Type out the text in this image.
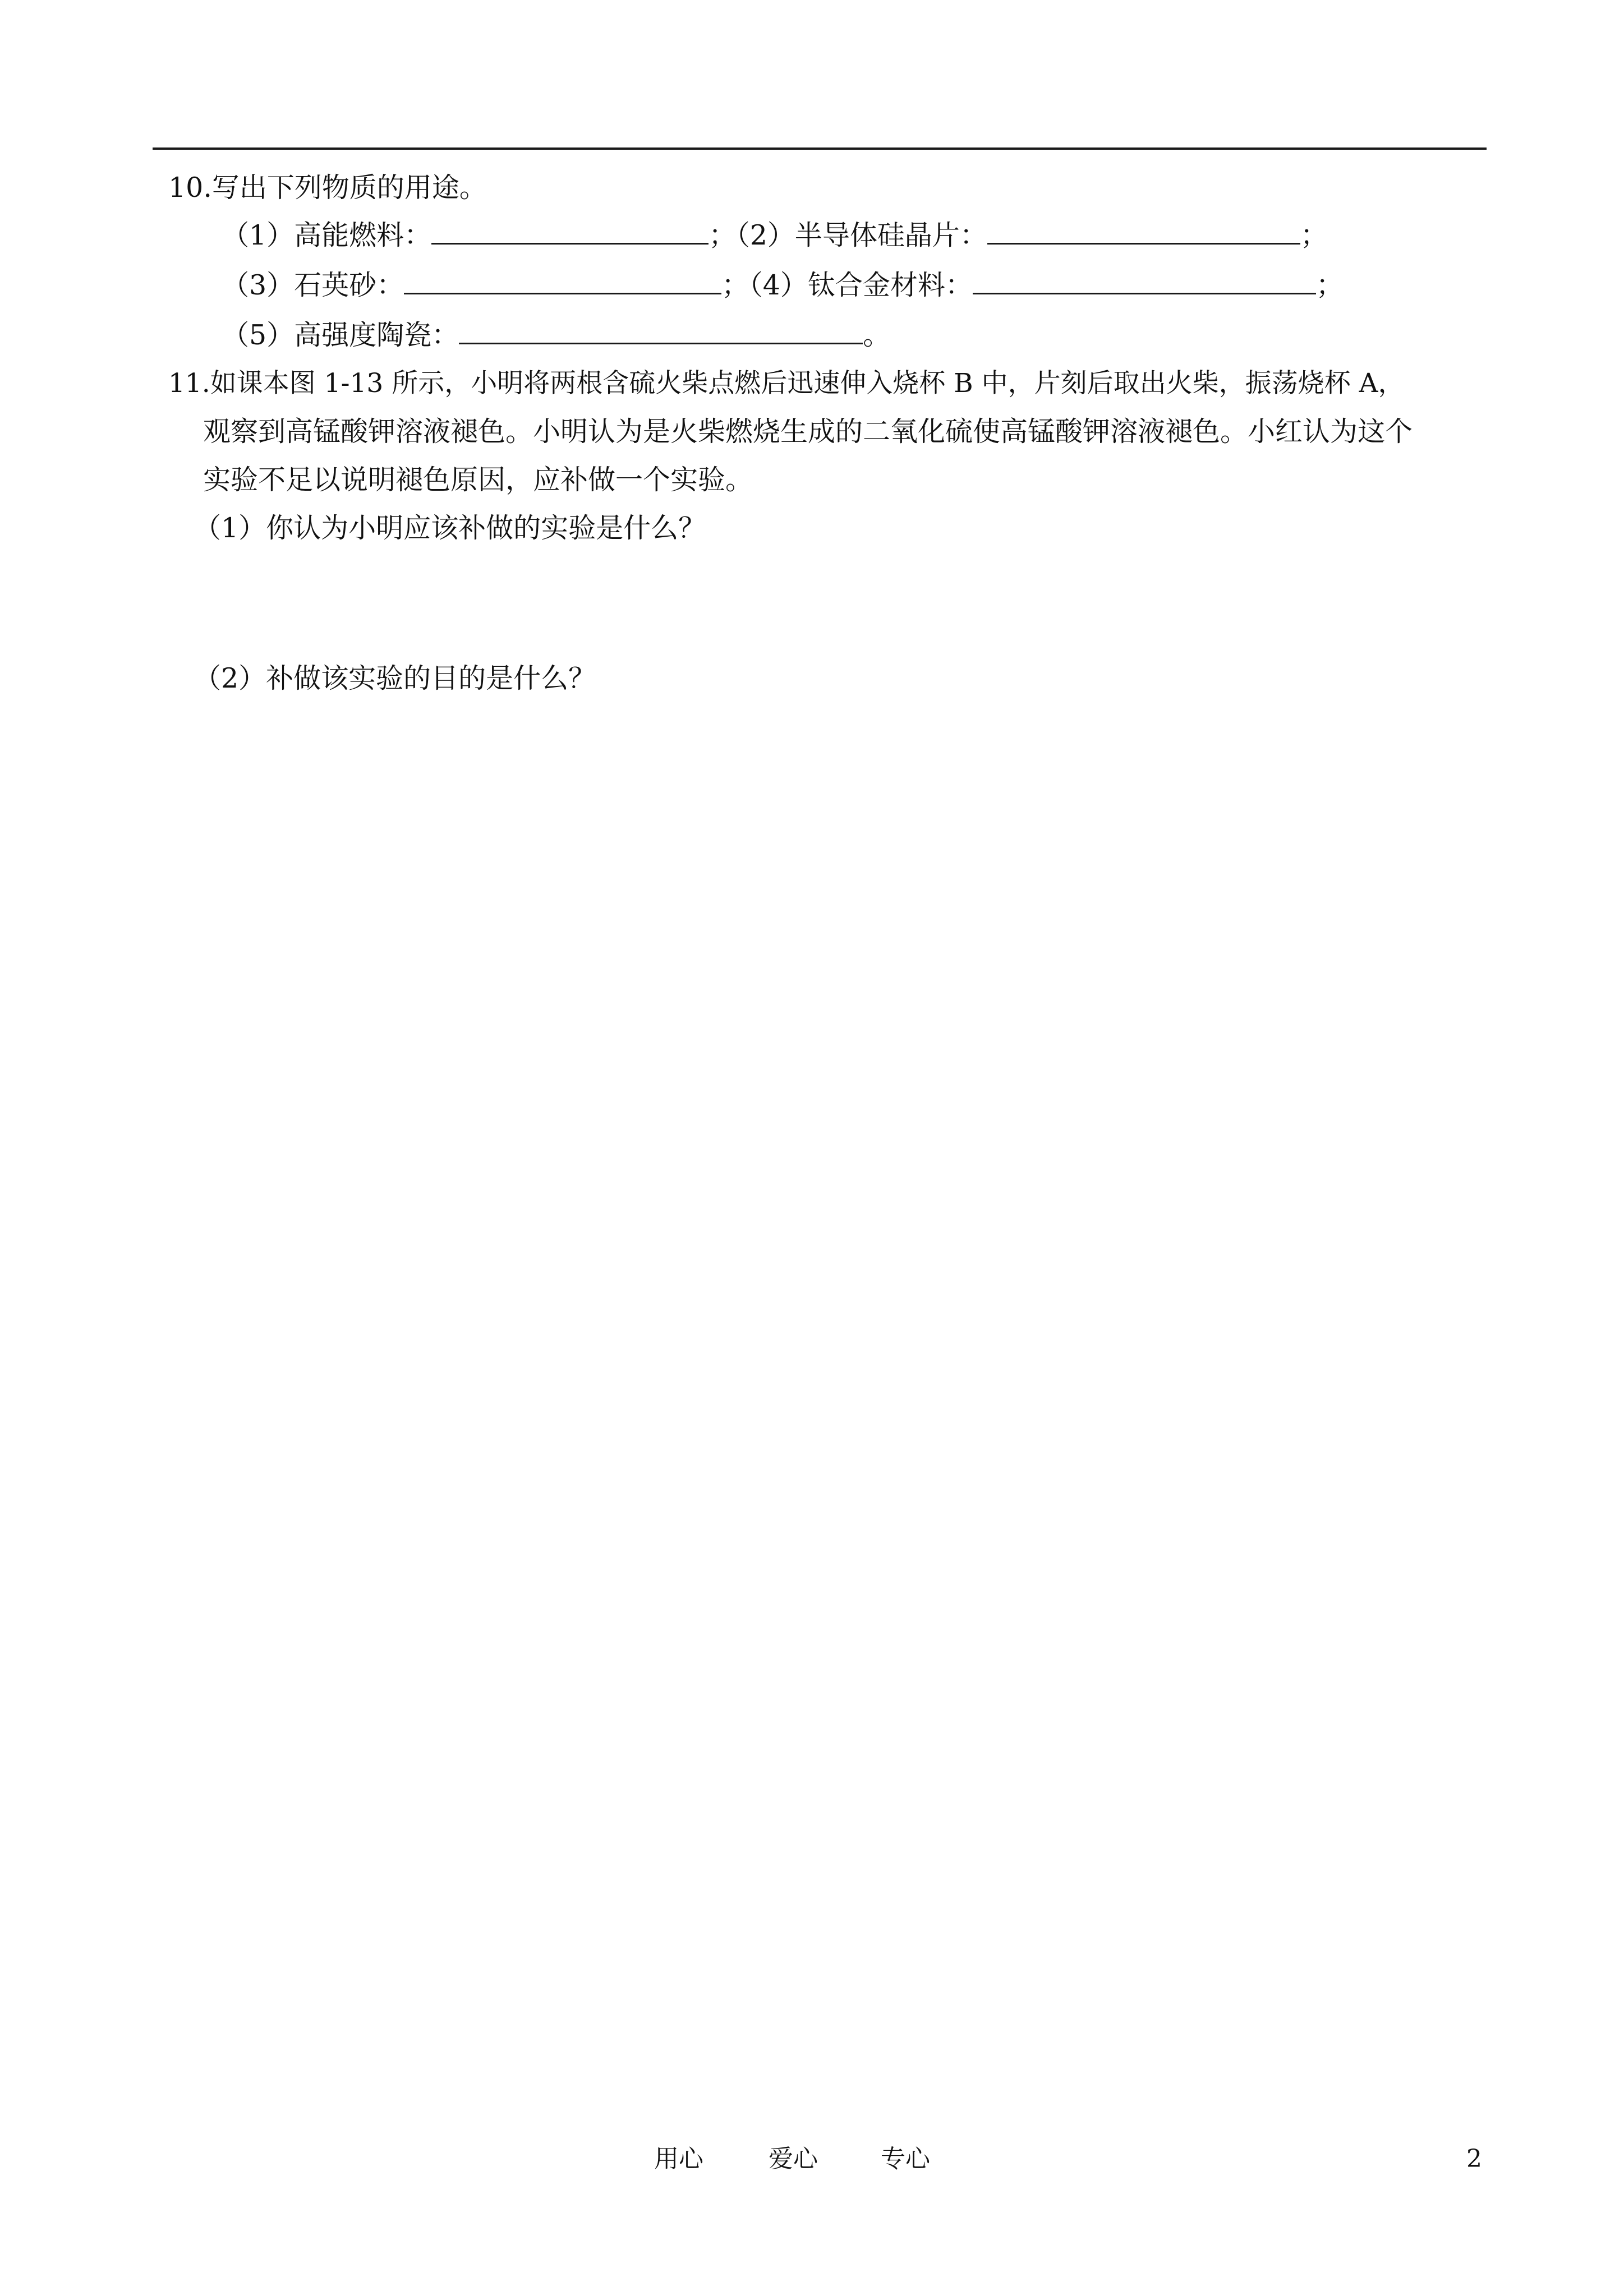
10.写出下列物质的用途。
（1）高能燃料：	；（2）半导体硅晶片：	；
（3）石英砂：	；（4）钛合金材料：	；
（5）高强度陶瓷：	。
11.如课本图 1-13 所示，小明将两根含硫火柴点燃后迅速伸入烧杯 B 中，片刻后取出火柴，振荡烧杯 A，
观察到高锰酸钾溶液褪色。小明认为是火柴燃烧生成的二氧化硫使高锰酸钾溶液褪色。小红认为这个
实验不足以说明褪色原因，应补做一个实验。
（1）你认为小明应该补做的实验是什么？
（2）补做该实验的目的是什么？
用心	爱心	专心	2
